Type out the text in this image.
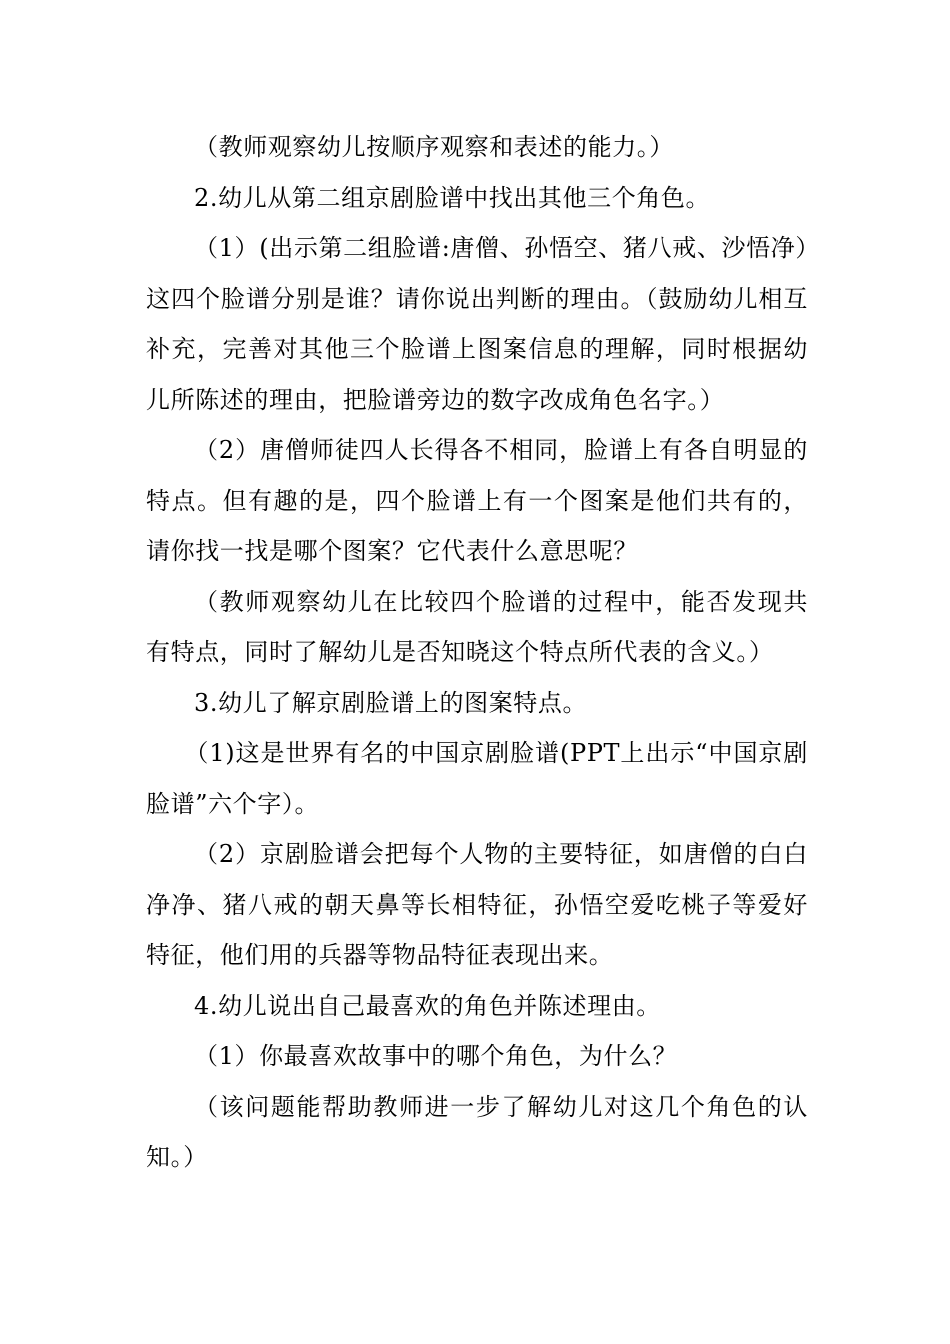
（教师观察幼儿按顺序观察和表述的能力。）

2.幼儿从第二组京剧脸谱中找出其他三个角色。

（1）(出示第二组脸谱:唐僧、孙悟空、猪八戒、沙悟净）这四个脸谱分别是谁？请你说出判断的理由。（鼓励幼儿相互补充，完善对其他三个脸谱上图案信息的理解，同时根据幼儿所陈述的理由，把脸谱旁边的数字改成角色名字。）

（2）唐僧师徒四人长得各不相同，脸谱上有各自明显的特点。但有趣的是，四个脸谱上有一个图案是他们共有的，请你找一找是哪个图案？它代表什么意思呢？

（教师观察幼儿在比较四个脸谱的过程中，能否发现共有特点，同时了解幼儿是否知晓这个特点所代表的含义。）

3.幼儿了解京剧脸谱上的图案特点。

（1)这是世界有名的中国京剧脸谱(PPT上出示“中国京剧脸谱”六个字）。

（2）京剧脸谱会把每个人物的主要特征，如唐僧的白白净净、猪八戒的朝天鼻等长相特征，孙悟空爱吃桃子等爱好特征，他们用的兵器等物品特征表现出来。

4.幼儿说出自己最喜欢的角色并陈述理由。

（1）你最喜欢故事中的哪个角色，为什么？

（该问题能帮助教师进一步了解幼儿对这几个角色的认知。）
